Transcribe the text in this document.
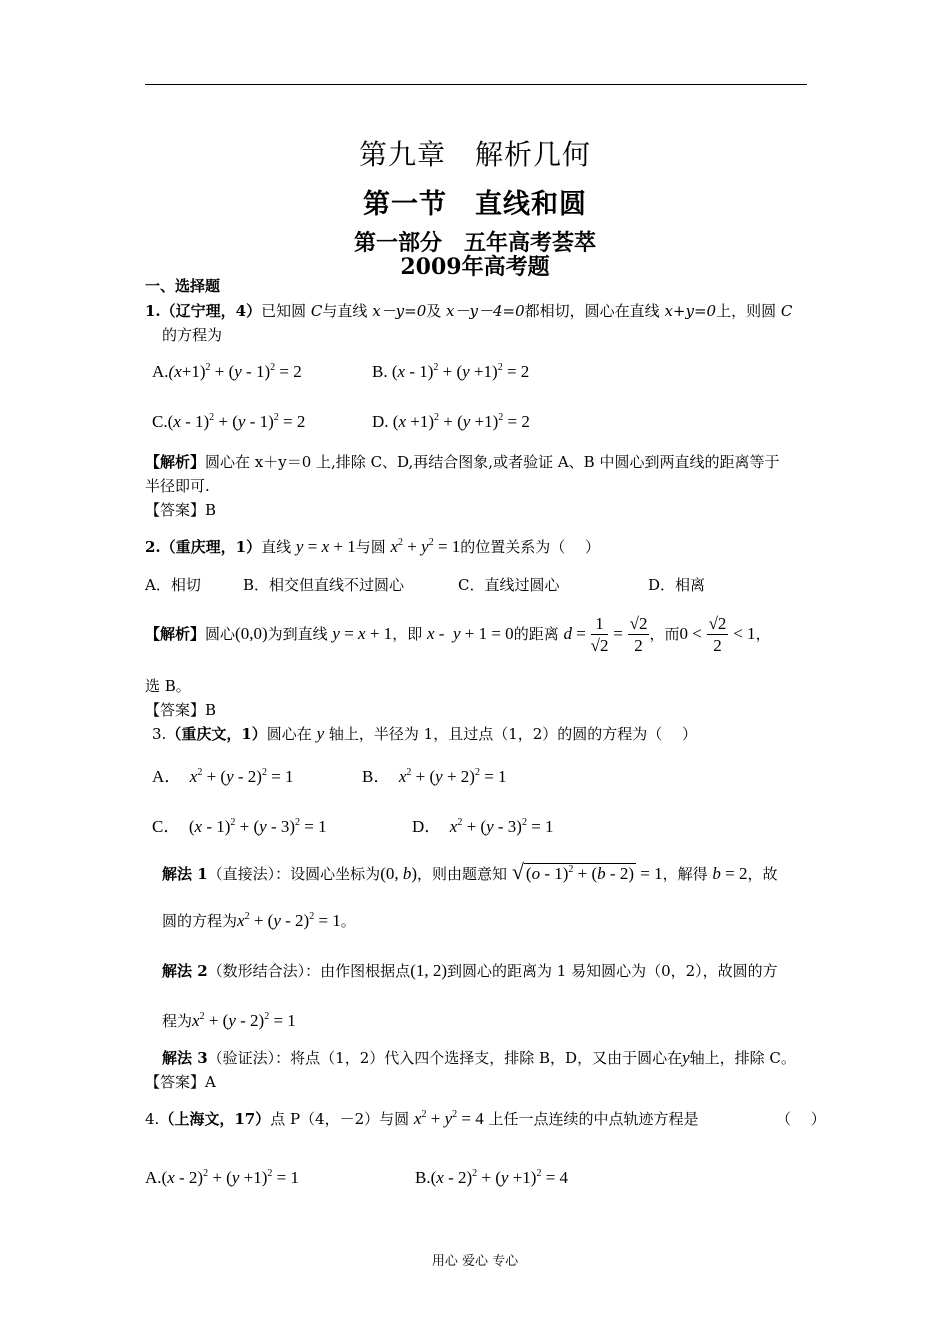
第九章　解析几何
第一节　直线和圆
第一部分　五年高考荟萃
2009年高考题
一、选择题
1.（辽宁理，4）已知圆 C与直线 x－y=0及 x－y－4=0都相切，圆心在直线 x+y=0上，则圆 C
的方程为
$A.(x+1)^2 + (y - 1)^2 = 2$	B. $(x - 1)^2 + (y +1)^2 = 2$
C.(x - 1)$^2$ + (y - 1)$^2$ = 2	D. $(x +1)^2 + (y +1)^2 = 2$
【解析】圆心在 x＋y＝0 上,排除 C、D,再结合图象,或者验证 A、B 中圆心到两直线的距离等于
半径即可.
【答案】B
2.（重庆理，1）直线 y = x + 1与圆 $x^2 + y^2 = 1$的位置关系为（　 ）
A．相切	B．相交但直线不过圆心	C．直线过圆心	D．相离
【解析】圆心(0,0)为到直线 y = x + 1，即 x -  y + 1 = 0的距离 $d = \frac{1}{√2} = \frac{√2}{2}$ ，而$0 < \frac{√2}{2} < 1$，
选 B。
【答案】B
3.（重庆文，1）圆心在 y 轴上，半径为 1，且过点（1，2）的圆的方程为（　 ）
A． $x^2 + (y - 2)^2 = 1$	B． $x^2 + (y + 2)^2 = 1$
C．  (x - 1)$^2$ + (y - 3)$^2$ = 1	D． $x^2 + (y - 3)^2 = 1$
解法 1（直接法）：设圆心坐标为(0, b)，则由题意知 √ (o - 1)$^2$ + (b - 2) = 1，解得 b = 2，故
圆的方程为$x^2 + (y - 2)^2 = 1$。
解法 2（数形结合法）：由作图根据点(1, 2)到圆心的距离为 1 易知圆心为（0，2），故圆的方
程为$x^2 + (y - 2)^2 = 1$
解法 3（验证法）：将点（1，2）代入四个选择支，排除 B，D，又由于圆心在y轴上，排除 C。
【答案】A
4.（上海文，17）点 P（4，－2）与圆 $x^2 + y^2 = 4$ 上任一点连续的中点轨迹方程是	（　 ）
$A.(x - 2)^2 + (y +1)^2 = 1$	$B.(x - 2)^2 + (y +1)^2 = 4$
用心 爱心 专心
